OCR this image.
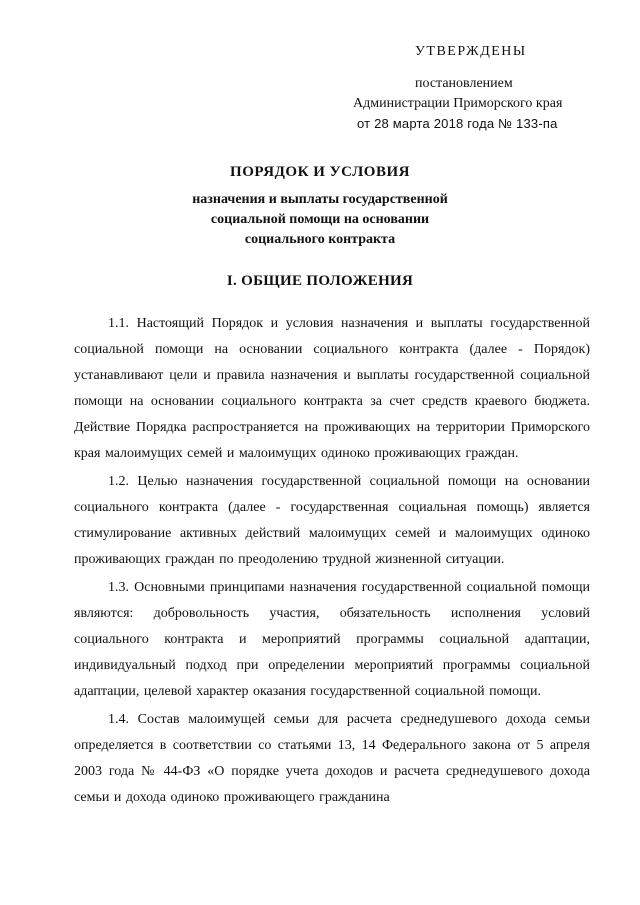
УТВЕРЖДЕНЫ
постановлением
Администрации Приморского края
от 28 марта 2018 года № 133-па
ПОРЯДОК И УСЛОВИЯ
назначения и выплаты государственной
социальной помощи на основании
социального контракта
I. ОБЩИЕ ПОЛОЖЕНИЯ

1.1. Настоящий Порядок и условия назначения и выплаты государственной социальной помощи на основании социального контракта (далее - Порядок) устанавливают цели и правила назначения и выплаты государственной социальной помощи на основании социального контракта за счет средств краевого бюджета. Действие Порядка распространяется на проживающих на территории Приморского края малоимущих семей и малоимущих одиноко проживающих граждан.

1.2. Целью назначения государственной социальной помощи на основании социального контракта (далее - государственная социальная помощь) является стимулирование активных действий малоимущих семей и малоимущих одиноко проживающих граждан по преодолению трудной жизненной ситуации.

1.3. Основными принципами назначения государственной социальной помощи являются: добровольность участия, обязательность исполнения условий социального контракта и мероприятий программы социальной адаптации, индивидуальный подход при определении мероприятий программы социальной адаптации, целевой характер оказания государственной социальной помощи.

1.4. Состав малоимущей семьи для расчета среднедушевого дохода семьи определяется в соответствии со статьями 13, 14 Федерального закона от 5 апреля 2003 года № 44-ФЗ «О порядке учета доходов и расчета среднедушевого дохода семьи и дохода одиноко проживающего гражданина
